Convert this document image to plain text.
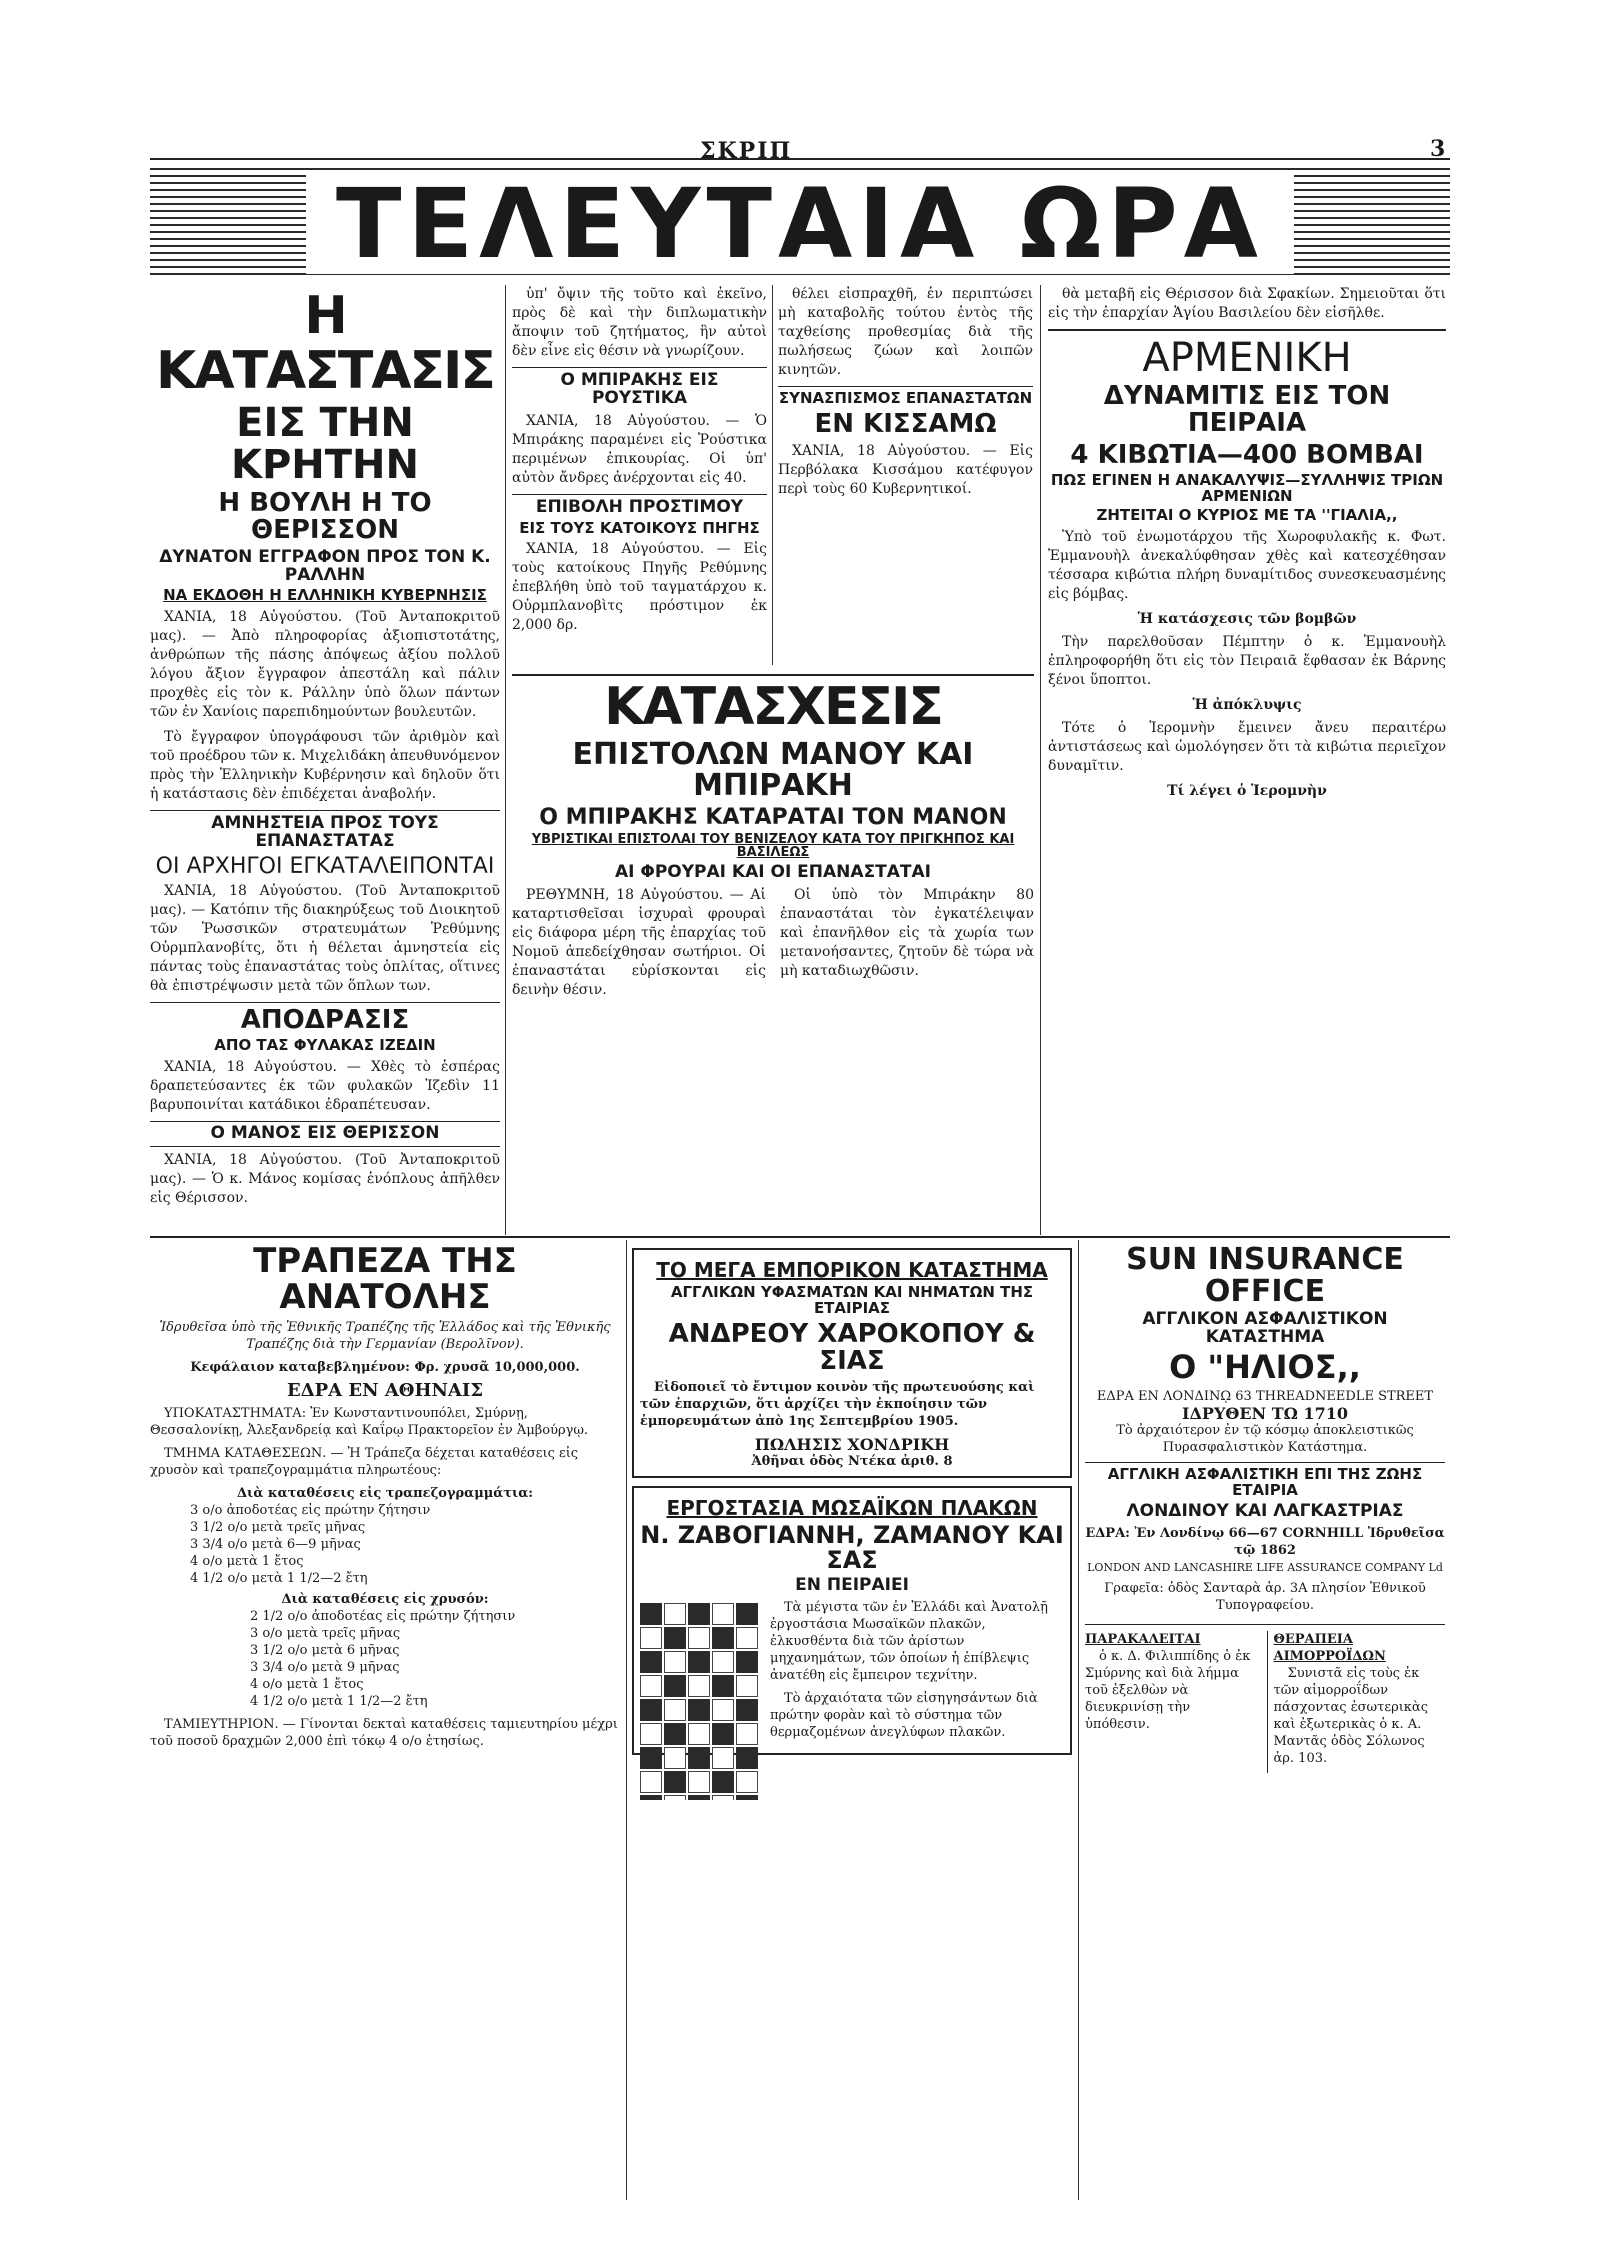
ΣΚΡΙΠ	3
ΤΕΛΕΥΤΑΙΑ ΩΡΑ
Η ΚΑΤΑΣΤΑΣΙΣ
ΕΙΣ ΤΗΝ ΚΡΗΤΗΝ
Η ΒΟΥΛΗ Η ΤΟ ΘΕΡΙΣΣΟΝ
ΔΥΝΑΤΟΝ ΕΓΓΡΑΦΟΝ ΠΡΟΣ ΤΟΝ Κ. ΡΑΛΛΗΝ
ΝΑ ΕΚΔΟΘΗ Η ΕΛΛΗΝΙΚΗ ΚΥΒΕΡΝΗΣΙΣ

ΧΑΝΙΑ, 18 Αὐγούστου. (Τοῦ Ἀνταποκριτοῦ μας). — Ἀπὸ πληροφορίας ἀξιοπιστοτάτης, ἀνθρώπων τῆς πάσης ἀπόψεως ἀξίου πολλοῦ λόγου ἄξιον ἔγγραφον ἀπεστάλη καὶ πάλιν προχθὲς εἰς τὸν κ. Ράλλην ὑπὸ ὅλων πάντων τῶν ἐν Χανίοις παρεπιδημούντων βουλευτῶν.

Τὸ ἔγγραφον ὑπογράφουσι τῶν ἀριθμὸν καὶ τοῦ προέδρου τῶν κ. Μιχελιδάκη ἀπευθυνόμενον πρὸς τὴν Ἑλληνικὴν Κυβέρνησιν καὶ δηλοῦν ὅτι ἡ κατάστασις δὲν ἐπιδέχεται ἀναβολήν.

ΑΜΝΗΣΤΕΙΑ ΠΡΟΣ ΤΟΥΣ ΕΠΑΝΑΣΤΑΤΑΣ
ΟΙ ΑΡΧΗΓΟΙ ΕΓΚΑΤΑΛΕΙΠΟΝΤΑΙ

ΧΑΝΙΑ, 18 Αὐγούστου. (Τοῦ Ἀνταποκριτοῦ μας). — Κατόπιν τῆς διακηρύξεως τοῦ Διοικητοῦ τῶν Ῥωσσικῶν στρατευμάτων Ῥεθύμνης Οὐρμπλανοβίτς, ὅτι ἡ θέλεται ἀμνηστεία εἰς πάντας τοὺς ἐπαναστάτας τοὺς ὁπλίτας, οἵτινες θὰ ἐπιστρέψωσιν μετὰ τῶν ὅπλων των.

ΑΠΟΔΡΑΣΙΣ
ΑΠΟ ΤΑΣ ΦΥΛΑΚΑΣ ΙΖΕΔΙΝ

ΧΑΝΙΑ, 18 Αὐγούστου. — Χθὲς τὸ ἑσπέρας δραπετεύσαντες ἐκ τῶν φυλακῶν Ἰζεδὶν 11 βαρυποινίται κατάδικοι ἐδραπέτευσαν.

Ο ΜΑΝΟΣ ΕΙΣ ΘΕΡΙΣΣΟΝ

ΧΑΝΙΑ, 18 Αὐγούστου. (Τοῦ Ἀνταποκριτοῦ μας). — Ὁ κ. Μάνος κομίσας ἐνόπλους ἀπῆλθεν εἰς Θέρισσον.

ὑπ' ὄψιν τῆς τοῦτο καὶ ἐκεῖνο, πρὸς δὲ καὶ τὴν διπλωματικὴν ἄποψιν τοῦ ζητήματος, ἣν αὐτοὶ δὲν εἶνε εἰς θέσιν νὰ γνωρίζουν.

Ο ΜΠΙΡΑΚΗΣ ΕΙΣ ΡΟΥΣΤΙΚΑ

ΧΑΝΙΑ, 18 Αὐγούστου. — Ὁ Μπιράκης παραμένει εἰς Ῥούστικα περιμένων ἐπικουρίας. Οἱ ὑπ' αὐτὸν ἄνδρες ἀνέρχονται εἰς 40.

ΕΠΙΒΟΛΗ ΠΡΟΣΤΙΜΟΥ
ΕΙΣ ΤΟΥΣ ΚΑΤΟΙΚΟΥΣ ΠΗΓΗΣ

ΧΑΝΙΑ, 18 Αὐγούστου. — Εἰς τοὺς κατοίκους Πηγῆς Ρεθύμνης ἐπεβλήθη ὑπὸ τοῦ ταγματάρχου κ. Οὐρμπλανοβὶτς πρόστιμον ἐκ 2,000 δρ.

θέλει εἰσπραχθῆ, ἐν περιπτώσει μὴ καταβολῆς τούτου ἐντὸς τῆς ταχθείσης προθεσμίας διὰ τῆς πωλήσεως ζώων καὶ λοιπῶν κινητῶν.

ΣΥΝΑΣΠΙΣΜΟΣ ΕΠΑΝΑΣΤΑΤΩΝ
ΕΝ ΚΙΣΣΑΜΩ

ΧΑΝΙΑ, 18 Αὐγούστου. — Εἰς Περβόλακα Κισσάμου κατέφυγον περὶ τοὺς 60 Κυβερνητικοί.

ΚΑΤΑΣΧΕΣΙΣ
ΕΠΙΣΤΟΛΩΝ ΜΑΝΟΥ ΚΑΙ ΜΠΙΡΑΚΗ
Ο ΜΠΙΡΑΚΗΣ ΚΑΤΑΡΑΤΑΙ ΤΟΝ ΜΑΝΟΝ
ΥΒΡΙΣΤΙΚΑΙ ΕΠΙΣΤΟΛΑΙ ΤΟΥ ΒΕΝΙΖΕΛΟΥ ΚΑΤΑ ΤΟΥ ΠΡΙΓΚΗΠΟΣ ΚΑΙ ΒΑΣΙΛΕΩΣ
ΑΙ ΦΡΟΥΡΑΙ ΚΑΙ ΟΙ ΕΠΑΝΑΣΤΑΤΑΙ

ΡΕΘΥΜΝΗ, 18 Αὐγούστου. — Αἱ καταρτισθεῖσαι ἰσχυραὶ φρουραὶ εἰς διάφορα μέρη τῆς ἐπαρχίας τοῦ Νομοῦ ἀπεδείχθησαν σωτήριοι. Οἱ ἐπαναστάται εὑρίσκονται εἰς δεινὴν θέσιν.

Οἱ ὑπὸ τὸν Μπιράκην 80 ἐπαναστάται τὸν ἐγκατέλειψαν καὶ ἐπανῆλθον εἰς τὰ χωρία των μετανοήσαντες, ζητοῦν δὲ τώρα νὰ μὴ καταδιωχθῶσιν.

θὰ μεταβῆ εἰς Θέρισσον διὰ Σφακίων. Σημειοῦται ὅτι εἰς τὴν ἐπαρχίαν Ἁγίου Βασιλείου δὲν εἰσῆλθε.

ΑΡΜΕΝΙΚΗ
ΔΥΝΑΜΙΤΙΣ ΕΙΣ ΤΟΝ ΠΕΙΡΑΙΑ
4 ΚΙΒΩΤΙΑ—400 ΒΟΜΒΑΙ
ΠΩΣ ΕΓΙΝΕΝ Η ΑΝΑΚΑΛΥΨΙΣ—ΣΥΛΛΗΨΙΣ ΤΡΙΩΝ ΑΡΜΕΝΙΩΝ
ΖΗΤΕΙΤΑΙ Ο ΚΥΡΙΟΣ ΜΕ ΤΑ ''ΓΙΑΛΙΑ,,

Ὑπὸ τοῦ ἐνωμοτάρχου τῆς Χωροφυλακῆς κ. Φωτ. Ἐμμανουὴλ ἀνεκαλύφθησαν χθὲς καὶ κατεσχέθησαν τέσσαρα κιβώτια πλήρη δυναμίτιδος συνεσκευασμένης εἰς βόμβας.

Ἡ κατάσχεσις τῶν βομβῶν

Τὴν παρελθοῦσαν Πέμπτην ὁ κ. Ἐμμανουὴλ ἐπληροφορήθη ὅτι εἰς τὸν Πειραιᾶ ἔφθασαν ἐκ Βάρνης ξένοι ὕποπτοι.

Ἡ ἀπόκλυψις

Τότε ὁ Ἱερομνὴν ἔμεινεν ἄνευ περαιτέρω ἀντιστάσεως καὶ ὡμολόγησεν ὅτι τὰ κιβώτια περιεῖχον δυναμῖτιν.

Τί λέγει ὁ Ἱερομνὴν
ΤΡΑΠΕΖΑ ΤΗΣ ΑΝΑΤΟΛΗΣ
Ἱδρυθεῖσα ὑπὸ τῆς Ἐθνικῆς Τραπέζης τῆς Ἑλλάδος καὶ τῆς Ἐθνικῆς Τραπέζης διὰ τὴν Γερμανίαν (Βερολῖνον).
Κεφάλαιον καταβεβλημένον: Φρ. χρυσᾶ 10,000,000.
ΕΔΡΑ ΕΝ ΑΘΗΝΑΙΣ

ΥΠΟΚΑΤΑΣΤΗΜΑΤΑ: Ἐν Κωνσταντινουπόλει, Σμύρνῃ, Θεσσαλονίκῃ, Ἀλεξανδρείᾳ καὶ Καΐρῳ Πρακτορεῖον ἐν Ἀμβούργῳ.

ΤΜΗΜΑ ΚΑΤΑΘΕΣΕΩΝ. — Ἡ Τράπεζα δέχεται καταθέσεις εἰς χρυσὸν καὶ τραπεζογραμμάτια πληρωτέους:

Διὰ καταθέσεις εἰς τραπεζογραμμάτια:
3 ο/ο ἀποδοτέας εἰς πρώτην ζήτησιν
3 1/2 ο/ο μετὰ τρεῖς μῆνας
3 3/4 ο/ο μετὰ 6—9 μῆνας
4 ο/ο μετὰ 1 ἔτος
4 1/2 ο/ο μετὰ 1 1/2—2 ἔτη
Διὰ καταθέσεις εἰς χρυσόν:
2 1/2 ο/ο ἀποδοτέας εἰς πρώτην ζήτησιν
3 ο/ο μετὰ τρεῖς μῆνας
3 1/2 ο/ο μετὰ 6 μῆνας
3 3/4 ο/ο μετὰ 9 μῆνας
4 ο/ο μετὰ 1 ἔτος
4 1/2 ο/ο μετὰ 1 1/2—2 ἔτη

ΤΑΜΙΕΥΤΗΡΙΟΝ. — Γίνονται δεκταὶ καταθέσεις ταμιευτηρίου μέχρι τοῦ ποσοῦ δραχμῶν 2,000 ἐπὶ τόκῳ 4 ο/ο ἐτησίως.

ΤΟ ΜΕΓΑ ΕΜΠΟΡΙΚΟΝ ΚΑΤΑΣΤΗΜΑ
ΑΓΓΛΙΚΩΝ ΥΦΑΣΜΑΤΩΝ ΚΑΙ ΝΗΜΑΤΩΝ ΤΗΣ ΕΤΑΙΡΙΑΣ
ΑΝΔΡΕΟΥ ΧΑΡΟΚΟΠΟΥ & ΣΙΑΣ

Εἰδοποιεῖ τὸ ἔντιμον κοινὸν τῆς πρωτευούσης καὶ τῶν ἐπαρχιῶν, ὅτι ἀρχίζει τὴν ἐκποίησιν τῶν ἐμπορευμάτων ἀπὸ 1ης Σεπτεμβρίου 1905.

ΠΩΛΗΣΙΣ ΧΟΝΔΡΙΚΗ
Ἀθῆναι ὁδὸς Ντέκα ἀριθ. 8
ΕΡΓΟΣΤΑΣΙΑ ΜΩΣΑΪΚΩΝ ΠΛΑΚΩΝ
Ν. ΖΑΒΟΓΙΑΝΝΗ, ΖΑΜΑΝΟΥ ΚΑΙ ΣΑΣ
ΕΝ ΠΕΙΡΑΙΕΙ

Τὰ μέγιστα τῶν ἐν Ἑλλάδι καὶ Ἀνατολῇ ἐργοστάσια Μωσαϊκῶν πλακῶν, ἐλκυσθέντα διὰ τῶν ἀρίστων μηχανημάτων, τῶν ὁποίων ἡ ἐπίβλεψις ἀνατέθη εἰς ἔμπειρον τεχνίτην.

Τὸ ἀρχαιότατα τῶν εἰσηγησάντων διὰ πρώτην φορὰν καὶ τὸ σύστημα τῶν θερμαζομένων ἀνεγλύφων πλακῶν.

SUN INSURANCE OFFICE
ΑΓΓΛΙΚΟΝ ΑΣΦΑΛΙΣΤΙΚΟΝ ΚΑΤΑΣΤΗΜΑ
Ο "ΗΛΙΟΣ,,
ΕΔΡΑ ΕΝ ΛΟΝΔΙΝῼ 63 THREADNEEDLE STREET
ΙΔΡΥΘΕΝ ΤΩ 1710

Τὸ ἀρχαιότερον ἐν τῷ κόσμῳ ἀποκλειστικῶς Πυρασφαλιστικὸν Κατάστημα.

ΑΓΓΛΙΚΗ ΑΣΦΑΛΙΣΤΙΚΗ ΕΠΙ ΤΗΣ ΖΩΗΣ ΕΤΑΙΡΙΑ
ΛΟΝΔΙΝΟΥ ΚΑΙ ΛΑΓΚΑΣΤΡΙΑΣ
ΕΔΡΑ: Ἐν Λονδίνῳ 66—67 CORNHILL Ἱδρυθεῖσα τῷ 1862
LONDON AND LANCASHIRE LIFE ASSURANCE COMPANY Ld
Γραφεῖα: ὁδὸς Σανταρὰ ἀρ. 3Α πλησίον Ἐθνικοῦ Τυπογραφείου.
ΠΑΡΑΚΑΛΕΙΤΑΙ

ὁ κ. Δ. Φιλιππίδης ὁ ἐκ Σμύρνης καὶ διὰ λήμμα τοῦ ἐξελθὼν νὰ διευκρινίσῃ τὴν ὑπόθεσιν.

ΘΕΡΑΠΕΙΑ ΑΙΜΟΡΡΟΪΔΩΝ

Συνιστᾶ εἰς τοὺς ἐκ τῶν αἱμορροΐδων πάσχοντας ἐσωτερικὰς καὶ ἐξωτερικὰς ὁ κ. Α. Μαντᾶς ὁδὸς Σόλωνος ἀρ. 103.
